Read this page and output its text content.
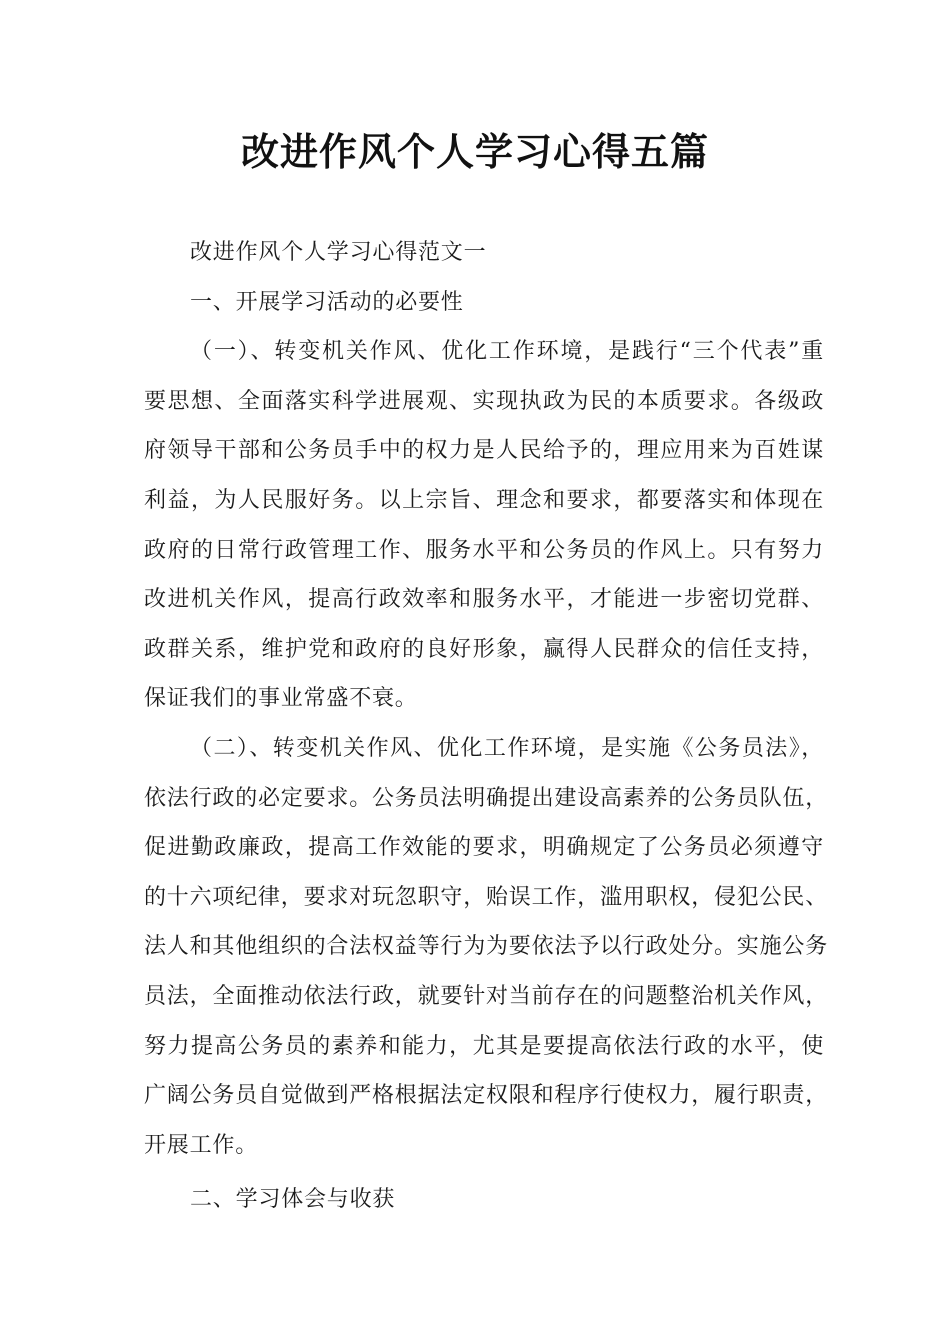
改进作风个人学习心得五篇
改进作风个人学习心得范文一
一、开展学习活动的必要性
（一）、转变机关作风、优化工作环境，是践行“三个代表”重
要思想、全面落实科学进展观、实现执政为民的本质要求。各级政
府领导干部和公务员手中的权力是人民给予的，理应用来为百姓谋
利益，为人民服好务。以上宗旨、理念和要求，都要落实和体现在
政府的日常行政管理工作、服务水平和公务员的作风上。只有努力
改进机关作风，提高行政效率和服务水平，才能进一步密切党群、
政群关系，维护党和政府的良好形象，赢得人民群众的信任支持，
保证我们的事业常盛不衰。
（二）、转变机关作风、优化工作环境，是实施《公务员法》，
依法行政的必定要求。公务员法明确提出建设高素养的公务员队伍，
促进勤政廉政，提高工作效能的要求，明确规定了公务员必须遵守
的十六项纪律，要求对玩忽职守，贻误工作，滥用职权，侵犯公民、
法人和其他组织的合法权益等行为为要依法予以行政处分。实施公务
员法，全面推动依法行政，就要针对当前存在的问题整治机关作风，
努力提高公务员的素养和能力，尤其是要提高依法行政的水平，使
广阔公务员自觉做到严格根据法定权限和程序行使权力，履行职责，
开展工作。
二、学习体会与收获
